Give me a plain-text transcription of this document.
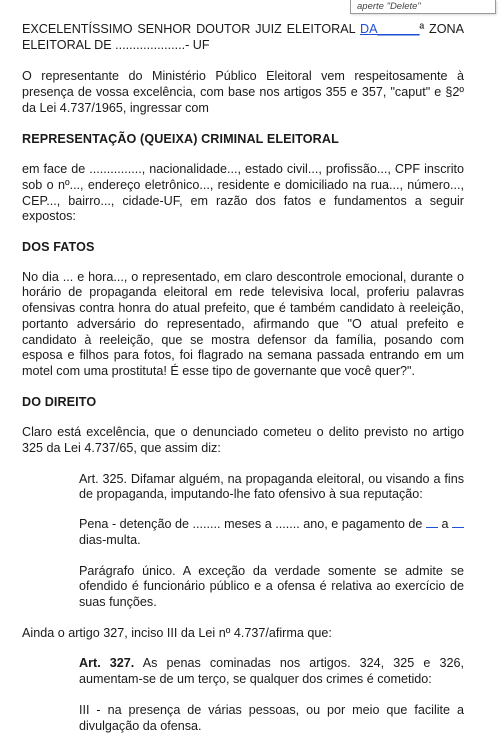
aperte "Delete"

EXCELENTÍSSIMO SENHOR DOUTOR JUIZ ELEITORAL DA______ª ZONA ELEITORAL DE ....................- UF

O representante do Ministério Público Eleitoral vem respeitosamente à presença de vossa excelência, com base nos artigos 355 e 357, "caput" e §2º da Lei 4.737/1965, ingressar com

REPRESENTAÇÃO (QUEIXA) CRIMINAL ELEITORAL

em face de ..............., nacionalidade..., estado civil..., profissão..., CPF inscrito sob o nº..., endereço eletrônico..., residente e domiciliado na rua..., número..., CEP..., bairro..., cidade-UF, em razão dos fatos e fundamentos a seguir expostos:

DOS FATOS

No dia ... e hora..., o representado, em claro descontrole emocional, durante o horário de propaganda eleitoral em rede televisiva local, proferiu palavras ofensivas contra honra do atual prefeito, que é também candidato à reeleição, portanto adversário do representado, afirmando que "O atual prefeito e candidato à reeleição, que se mostra defensor da família, posando com esposa e filhos para fotos, foi flagrado na semana passada entrando em um motel com uma prostituta! É esse tipo de governante que você quer?".

DO DIREITO

Claro está excelência, que o denunciado cometeu o delito previsto no artigo 325 da Lei 4.737/65, que assim diz:

Art. 325. Difamar alguém, na propaganda eleitoral, ou visando a fins de propaganda, imputando-lhe fato ofensivo à sua reputação:

Pena - detenção de ........ meses a ....... ano, e pagamento de  a  dias-multa.

Parágrafo único. A exceção da verdade somente se admite se ofendido é funcionário público e a ofensa é relativa ao exercício de suas funções.

Ainda o artigo 327, inciso III da Lei nº 4.737/afirma que:

Art. 327. As penas cominadas nos artigos. 324, 325 e 326, aumentam-se de um terço, se qualquer dos crimes é cometido:

III - na presença de várias pessoas, ou por meio que facilite a divulgação da ofensa.
